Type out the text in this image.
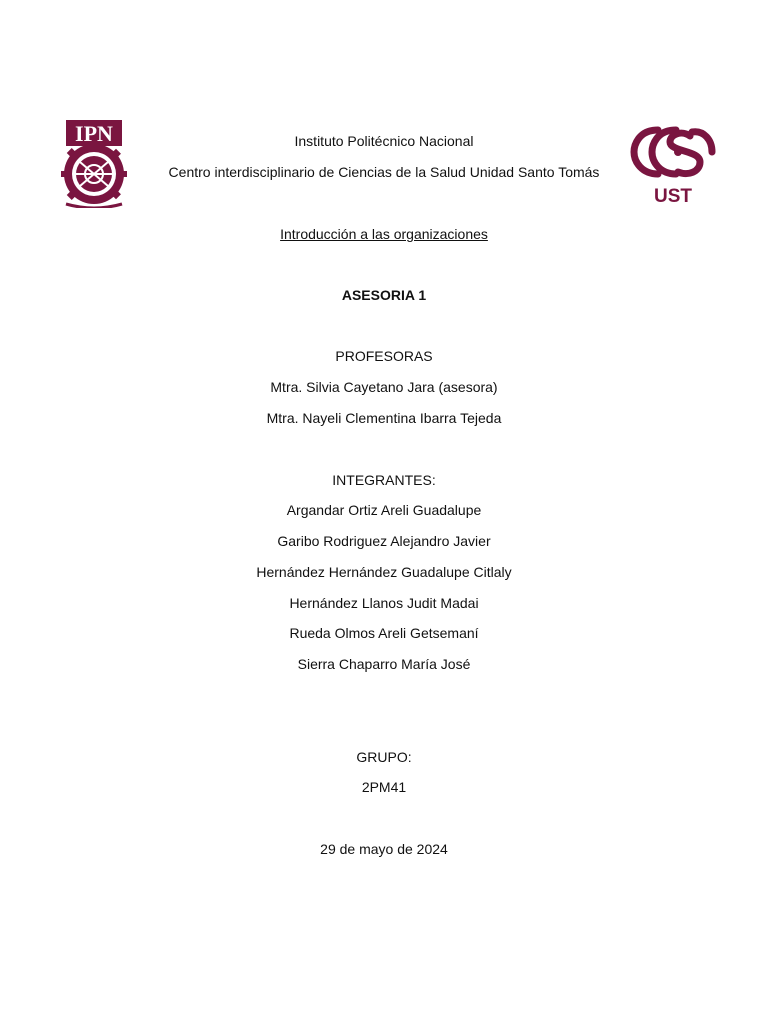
IPN
UST
Instituto Politécnico Nacional
Centro interdisciplinario de Ciencias de la Salud Unidad Santo Tomás
Introducción a las organizaciones
ASESORIA 1
PROFESORAS
Mtra. Silvia Cayetano Jara (asesora)
Mtra. Nayeli Clementina Ibarra Tejeda
INTEGRANTES:
Argandar Ortiz Areli Guadalupe
Garibo Rodriguez Alejandro Javier
Hernández Hernández Guadalupe Citlaly
Hernández Llanos Judit Madai
Rueda Olmos Areli Getsemaní
Sierra Chaparro María José
GRUPO:
2PM41
29 de mayo de 2024
